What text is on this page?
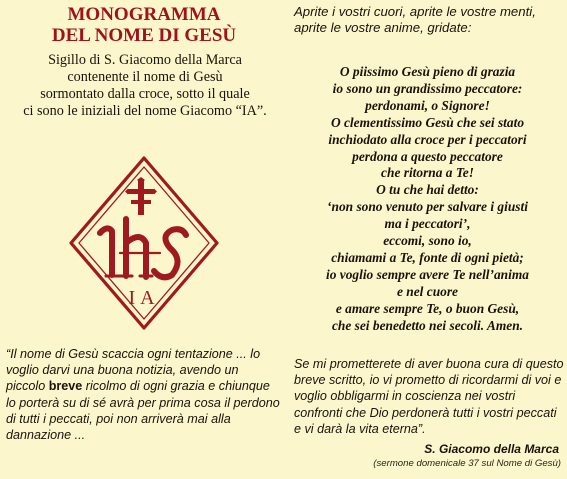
MONOGRAMMA
DEL NOME DI GESÙ
Sigillo di S. Giacomo della Marca
contenente il nome di Gesù
sormontato dalla croce, sotto il quale
ci sono le iniziali del nome Giacomo “IA”.
IA

“Il nome di Gesù scaccia ogni tentazione ... lo voglio darvi una buona notizia, avendo un piccolo breve ricolmo di ogni grazia e chiunque lo porterà su di sé avrà per prima cosa il perdono di tutti i peccati, poi non arriverà mai alla dannazione ...

Aprite i vostri cuori, aprite le vostre menti, aprite le vostre anime, gridate:

O piissimo Gesù pieno di grazia
io sono un grandissimo peccatore:
perdonami, o Signore!
O clementissimo Gesù che sei stato
inchiodato alla croce per i peccatori
perdona a questo peccatore
che ritorna a Te!
O tu che hai detto:
‘non sono venuto per salvare i giusti
ma i peccatori’,
eccomi, sono io,
chiamami a Te, fonte di ogni pietà;
io voglio sempre avere Te nell’anima
e nel cuore
e amare sempre Te, o buon Gesù,
che sei benedetto nei secoli. Amen.

Se mi prometterete di aver buona cura di questo breve scritto, io vi prometto di ricordarmi di voi e voglio obbligarmi in coscienza nei vostri confronti che Dio perdonerà tutti i vostri peccati e vi darà la vita eterna”.

S. Giacomo della Marca
(sermone domenicale 37 sul Nome di Gesù)
